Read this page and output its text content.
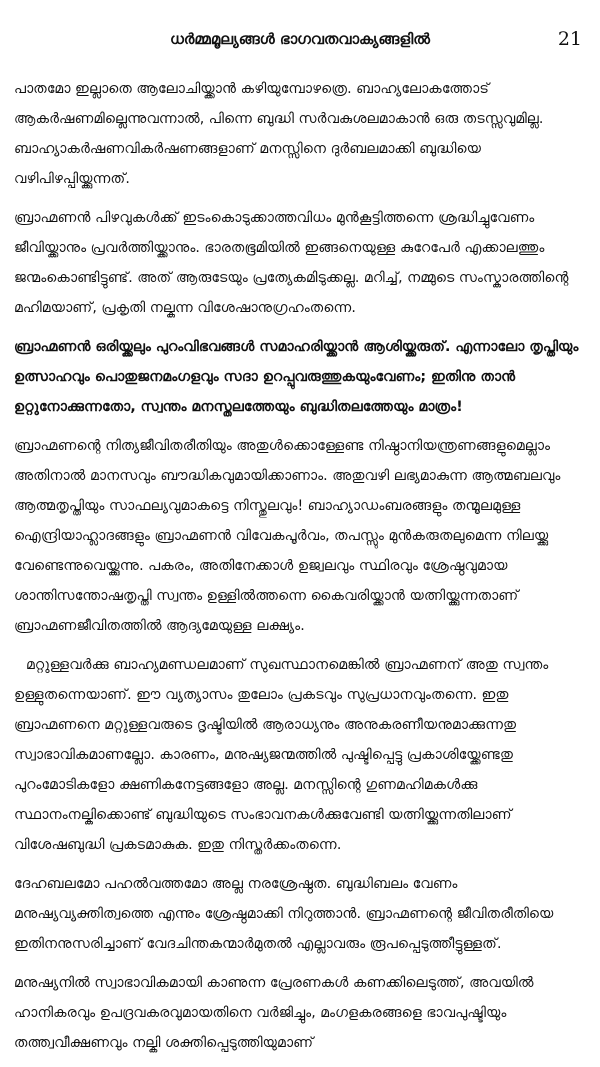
ധർമ്മമൂല്യങ്ങൾ ഭാഗവതവാക്യങ്ങളിൽ	21

പാതമോ ഇല്ലാതെ ആലോചിയ്ക്കാൻ കഴിയുമ്പോഴത്രെ. ബാഹ്യലോകത്തോട് ആകർഷണമില്ലെന്നുവന്നാൽ, പിന്നെ ബുദ്ധി സർവകുശലമാകാൻ ഒരു തടസ്സവുമില്ല. ബാഹ്യാകർഷണവികർഷണങ്ങളാണ് മനസ്സിനെ ദുർബലമാക്കി ബുദ്ധിയെ വഴിപിഴപ്പിയ്ക്കുന്നത്.

ബ്രാഹ്മണൻ പിഴവുകൾക്ക് ഇടംകൊടുക്കാത്തവിധം മുൻകൂട്ടിത്തന്നെ ശ്രദ്ധിച്ചുവേണം ജീവിയ്ക്കാനും പ്രവർത്തിയ്ക്കാനും. ഭാരതഭൂമിയിൽ ഇങ്ങനെയുള്ള കുറേപേർ എക്കാലത്തും ജന്മംകൊണ്ടിട്ടുണ്ട്. അത് ആരുടേയും പ്രത്യേകമിടുക്കല്ല. മറിച്ച്, നമ്മുടെ സംസ്കാരത്തിന്റെ മഹിമയാണ്, പ്രകൃതി നല്കുന്ന വിശേഷാനുഗ്രഹംതന്നെ.

ബ്രാഹ്മണൻ ഒരിയ്ക്കലും പുറംവിഭവങ്ങൾ സമാഹരിയ്ക്കാൻ ആശിയ്ക്കരുത്. എന്നാലോ തൃപ്തിയും ഉത്സാഹവും പൊതുജനമംഗളവും സദാ ഉറപ്പുവരുത്തുകയുംവേണം; ഇതിനു താൻ ഉറ്റുനോക്കുന്നതോ, സ്വന്തം മനസ്തലത്തേയും ബുദ്ധിതലത്തേയും മാത്രം!

ബ്രാഹ്മണന്റെ നിത്യജീവിതരീതിയും അതുൾക്കൊള്ളേണ്ട നിഷ്ഠാനിയന്ത്രണങ്ങളുമെല്ലാം അതിനാൽ മാനസവും ബൗദ്ധികവുമായിക്കാണാം. അതുവഴി ലഭ്യമാകുന്ന ആത്മബലവും ആത്മതൃപ്തിയും സാഫല്യവുമാകട്ടെ നിസ്തുലവും! ബാഹ്യാഡംബരങ്ങളും തന്മൂലമുള്ള ഐന്ദ്രിയാഹ്ലാദങ്ങളും ബ്രാഹ്മണൻ വിവേകപൂർവം, തപസ്സും മുൻകരുതലുമെന്ന നിലയ്ക്കു വേണ്ടെന്നുവെയ്ക്കുന്നു. പകരം, അതിനേക്കാൾ ഉജ്വലവും സ്ഥിരവും ശ്രേഷ്ഠവുമായ ശാന്തിസന്തോഷതൃപ്തി സ്വന്തം ഉള്ളിൽത്തന്നെ കൈവരിയ്ക്കാൻ യത്നിയ്ക്കുന്നതാണ് ബ്രാഹ്മണജീവിതത്തിൽ ആദ്യമേയുള്ള ലക്ഷ്യം.

മറ്റുള്ളവർക്കു ബാഹ്യമണ്ഡലമാണ് സുഖസ്ഥാനമെങ്കിൽ ബ്രാഹ്മണന് അതു സ്വന്തം ഉള്ളുതന്നെയാണ്. ഈ വ്യത്യാസം തുലോം പ്രകടവും സുപ്രധാനവുംതന്നെ. ഇതു ബ്രാഹ്മണനെ മറ്റുള്ളവരുടെ ദൃഷ്ടിയിൽ ആരാധ്യനും അനുകരണീയനുമാക്കുന്നതു സ്വാഭാവികമാണല്ലോ. കാരണം, മനുഷ്യജന്മത്തിൽ പുഷ്ടിപ്പെട്ടു പ്രകാശിയ്ക്കേണ്ടതു പുറംമോടികളോ ക്ഷണികനേട്ടങ്ങളോ അല്ല. മനസ്സിന്റെ ഗുണമഹിമകൾക്കു സ്ഥാനംനല്കിക്കൊണ്ട് ബുദ്ധിയുടെ സംഭാവനകൾക്കുവേണ്ടി യത്നിയ്ക്കുന്നതിലാണ് വിശേഷബുദ്ധി പ്രകടമാകുക. ഇതു നിസ്തർക്കംതന്നെ.

ദേഹബലമോ പഹൽവത്തമോ അല്ല നരശ്രേഷ്ഠത. ബുദ്ധിബലം വേണം മനുഷ്യവ്യക്തിത്വത്തെ എന്നും ശ്രേഷ്ഠമാക്കി നിറുത്താൻ. ബ്രാഹ്മണന്റെ ജീവിതരീതിയെ ഇതിനനുസരിച്ചാണ് വേദചിന്തകന്മാർമുതൽ എല്ലാവരും രൂപപ്പെടുത്തീട്ടുള്ളത്.

മനുഷ്യനിൽ സ്വാഭാവികമായി കാണുന്ന പ്രേരണകൾ കണക്കിലെടുത്ത്, അവയിൽ ഹാനികരവും ഉപദ്രവകരവുമായതിനെ വർജിച്ചും, മംഗളകരങ്ങളെ ഭാവപുഷ്ടിയും തത്ത്വവീക്ഷണവും നല്കി ശക്തിപ്പെടുത്തിയുമാണ്
